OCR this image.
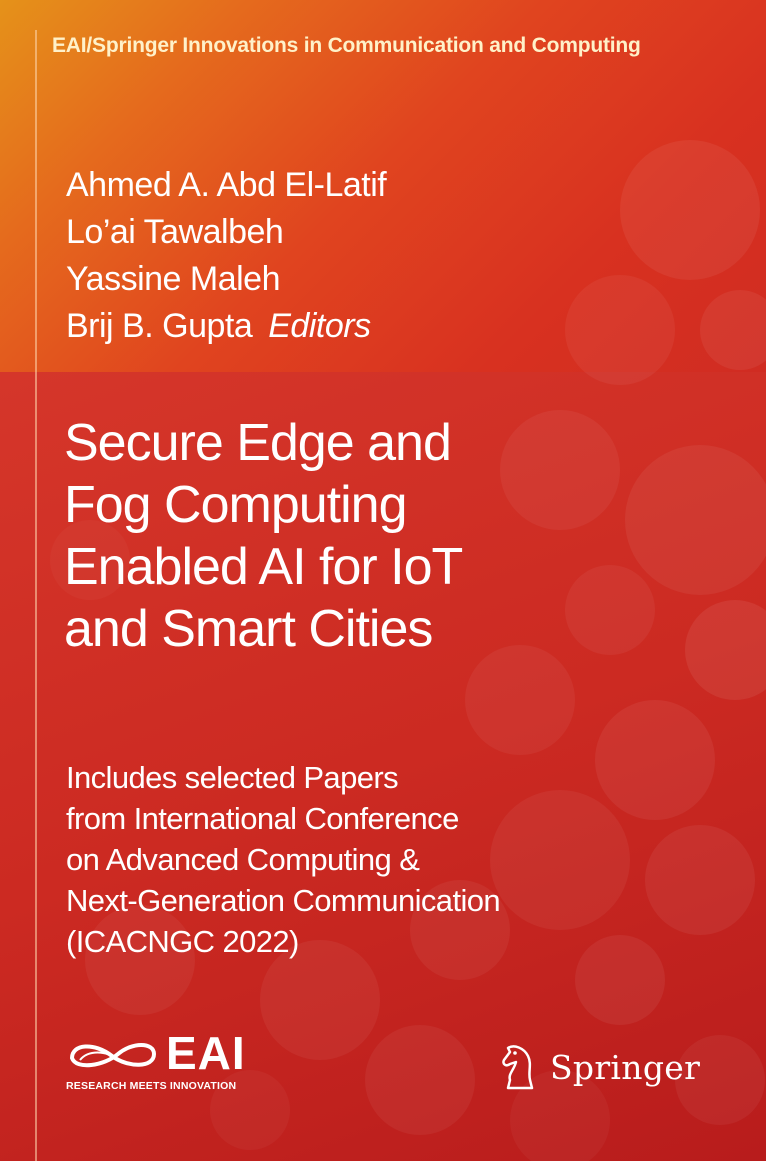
EAI/Springer Innovations in Communication and Computing
Ahmed A. Abd El-Latif
Lo’ai Tawalbeh
Yassine Maleh
Brij B. Gupta Editors
Secure Edge and
Fog Computing
Enabled AI for IoT
and Smart Cities
Includes selected Papers
from International Conference
on Advanced Computing &
Next-Generation Communication
(ICACNGC 2022)
EAI
RESEARCH MEETS INNOVATION	Springer
